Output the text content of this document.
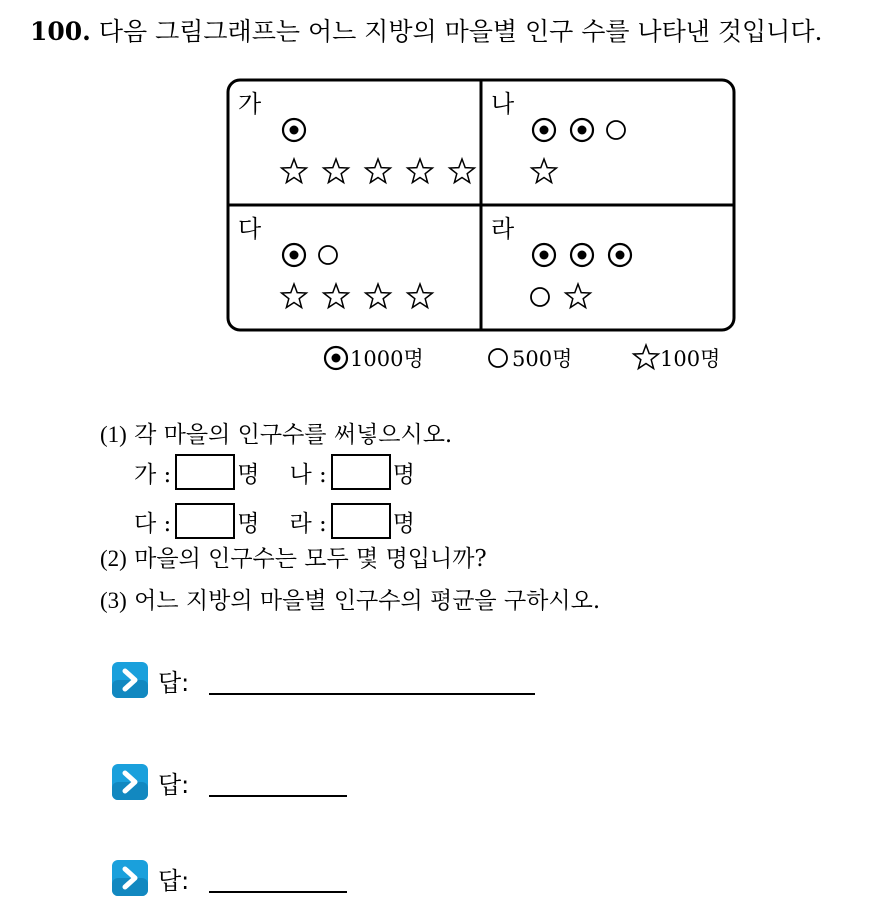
100. 다음 그림그래프는 어느 지방의 마을별 인구 수를 나타낸 것입니다.
가	나
다	라
1000명	500명	100명
(1) 각 마을의 인구수를 써넣으시오.
가 :	명 나 :	명
다 :	명 라 :	명
(2) 마을의 인구수는 모두 몇 명입니까?
(3) 어느 지방의 마을별 인구수의 평균을 구하시오.
답:
답:
답:
